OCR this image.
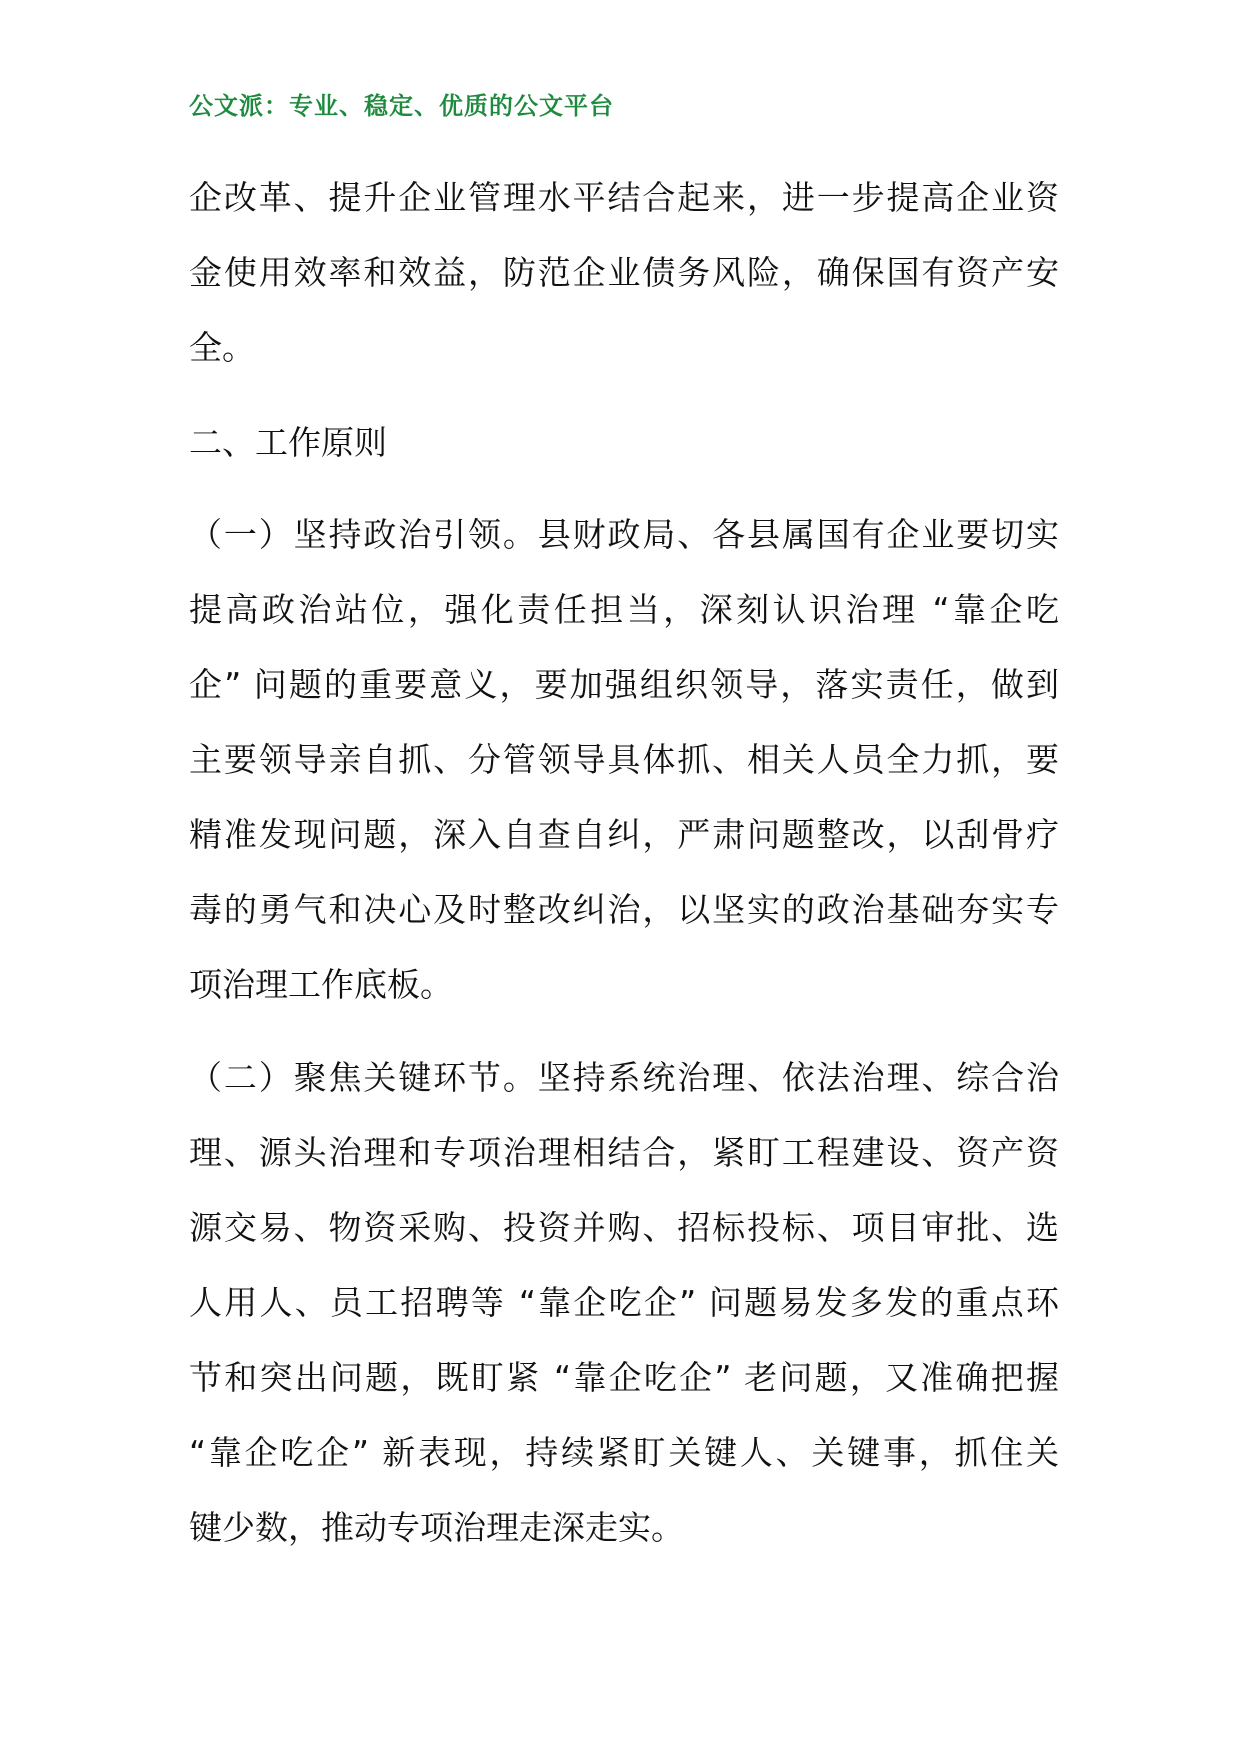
公文派：专业、稳定、优质的公文平台
企改革、提升企业管理水平结合起来，进一步提高企业资
金使用效率和效益，防范企业债务风险，确保国有资产安
全。
二、工作原则
（一）坚持政治引领。县财政局、各县属国有企业要切实
提高政治站位，强化责任担当，深刻认识治理 “靠企吃
企” 问题的重要意义，要加强组织领导，落实责任，做到
主要领导亲自抓、分管领导具体抓、相关人员全力抓，要
精准发现问题，深入自查自纠，严肃问题整改，以刮骨疗
毒的勇气和决心及时整改纠治，以坚实的政治基础夯实专
项治理工作底板。
（二）聚焦关键环节。坚持系统治理、依法治理、综合治
理、源头治理和专项治理相结合，紧盯工程建设、资产资
源交易、物资采购、投资并购、招标投标、项目审批、选
人用人、员工招聘等 “靠企吃企” 问题易发多发的重点环
节和突出问题，既盯紧 “靠企吃企” 老问题，又准确把握
“靠企吃企” 新表现，持续紧盯关键人、关键事，抓住关
键少数，推动专项治理走深走实。
